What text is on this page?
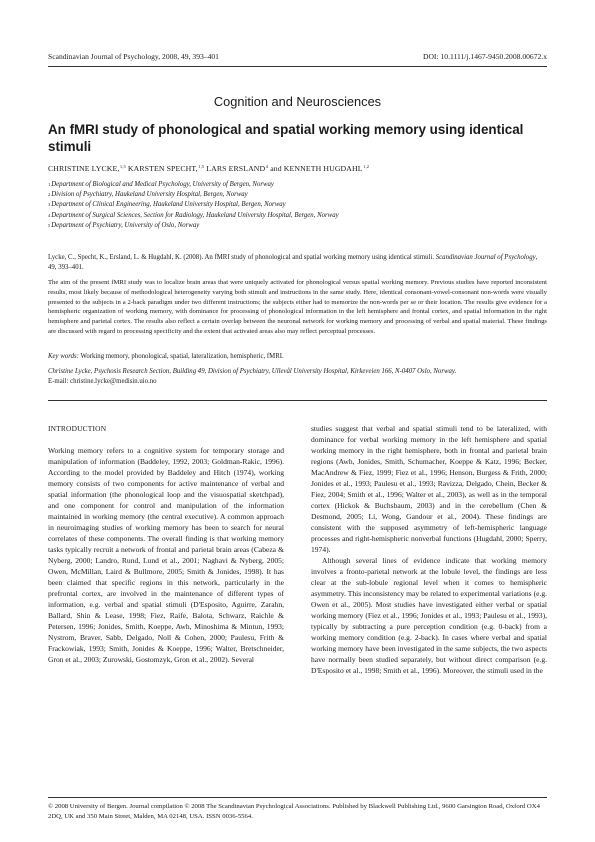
Scandinavian Journal of Psychology, 2008, 49, 393–401	DOI: 10.1111/j.1467-9450.2008.00672.x
Cognition and Neurosciences
An fMRI study of phonological and spatial working memory using identical stimuli
CHRISTINE LYCKE,$^{1,5}$ KARSTEN SPECHT,$^{1,5}$ LARS ERSLAND$^4$ and KENNETH HUGDAHL$^{1,2}$
1 Department of Biological and Medical Psychology, University of Bergen, Norway
2 Division of Psychiatry, Haukeland University Hospital, Bergen, Norway
3 Department of Clinical Engineering, Haukeland University Hospital, Bergen, Norway
4 Department of Surgical Sciences, Section for Radiology, Haukeland University Hospital, Bergen, Norway
5 Department of Psychiatry, University of Oslo, Norway
Lycke, C., Specht, K., Ersland, L. & Hugdahl, K. (2008). An fMRI study of phonological and spatial working memory using identical stimuli. Scandinavian Journal of Psychology, 49, 393–401.

The aim of the present fMRI study was to localize brain areas that were uniquely activated for phonological versus spatial working memory. Previous studies have reported inconsistent results, most likely because of methodological heterogeneity varying both stimuli and instructions in the same study. Here, identical consonant-vowel-consonant non-words were visually presented to the subjects in a 2-back paradigm under two different instructions; the subjects either had to memorize the non-words per se or their location. The results give evidence for a hemispheric organization of working memory, with dominance for processing of phonological information in the left hemisphere and frontal cortex, and spatial information in the right hemisphere and parietal cortex. The results also reflect a certain overlap between the neuronal network for working memory and processing of verbal and spatial material. These findings are discussed with regard to processing specificity and the extent that activated areas also may reflect perceptual processes.

Key words: Working memory, phonological, spatial, lateralization, hemispheric, fMRI.
Christine Lycke, Psychosis Research Section, Building 49, Division of Psychiatry, Ullevål University Hospital, Kirkeveien 166, N-0407 Oslo, Norway.
E-mail: christine.lycke@medisin.uio.no

INTRODUCTION

Working memory refers to a cognitive system for temporary storage and manipulation of information (Baddeley, 1992, 2003; Goldman-Rakic, 1996). According to the model provided by Baddeley and Hitch (1974), working memory consists of two components for active maintenance of verbal and spatial information (the phonological loop and the visuospatial sketchpad), and one component for control and manipulation of the information maintained in working memory (the central executive). A common approach in neuroimaging studies of working memory has been to search for neural correlates of these components. The overall finding is that working memory tasks typically recruit a network of frontal and parietal brain areas (Cabeza & Nyberg, 2000; Landro, Rund, Lund et al., 2001; Naghavi & Nyberg, 2005; Owen, McMillan, Laird & Bullmore, 2005; Smith & Jonides, 1998). It has been claimed that specific regions in this network, particularly in the prefrontal cortex, are involved in the maintenance of different types of information, e.g. verbal and spatial stimuli (D'Esposito, Aguirre, Zarahn, Ballard, Shin & Lease, 1998; Fiez, Raife, Balota, Schwarz, Raichle & Petersen, 1996; Jonides, Smith, Koeppe, Awh, Minoshima & Mintun, 1993; Nystrom, Braver, Sabb, Delgado, Noll & Cohen, 2000; Paulesu, Frith & Frackowiak, 1993; Smith, Jonides & Koeppe, 1996; Walter, Bretschneider, Gron et al., 2003; Zurowski, Gostomzyk, Gron et al., 2002). Several

studies suggest that verbal and spatial stimuli tend to be lateralized, with dominance for verbal working memory in the left hemisphere and spatial working memory in the right hemisphere, both in frontal and parietal brain regions (Awh, Jonides, Smith, Schumacher, Koeppe & Katz, 1996; Becker, MacAndrew & Fiez, 1999; Fiez et al., 1996; Henson, Burgess & Frith, 2000; Jonides et al., 1993; Paulesu et al., 1993; Ravizza, Delgado, Chein, Becker & Fiez, 2004; Smith et al., 1996; Walter et al., 2003), as well as in the temporal cortex (Hickok & Buchsbaum, 2003) and in the cerebellum (Chen & Desmond, 2005; Li, Wong, Gandour et al., 2004). These findings are consistent with the supposed asymmetry of left-hemispheric language processes and right-hemispheric nonverbal functions (Hugdahl, 2000; Sperry, 1974).

Although several lines of evidence indicate that working memory involves a fronto-parietal network at the lobule level, the findings are less clear at the sub-lobule regional level when it comes to hemispheric asymmetry. This inconsistency may be related to experimental variations (e.g. Owen et al., 2005). Most studies have investigated either verbal or spatial working memory (Fiez et al., 1996; Jonides et al., 1993; Paulesu et al., 1993), typically by subtracting a pure perception condition (e.g. 0-back) from a working memory condition (e.g. 2-back). In cases where verbal and spatial working memory have been investigated in the same subjects, the two aspects have normally been studied separately, but without direct comparison (e.g. D'Esposito et al., 1998; Smith et al., 1996). Moreover, the stimuli used in the

© 2008 University of Bergen. Journal compilation © 2008 The Scandinavian Psychological Associations. Published by Blackwell Publishing Ltd., 9600 Garsington Road, Oxford OX4 2DQ, UK and 350 Main Street, Malden, MA 02148, USA. ISSN 0036-5564.
